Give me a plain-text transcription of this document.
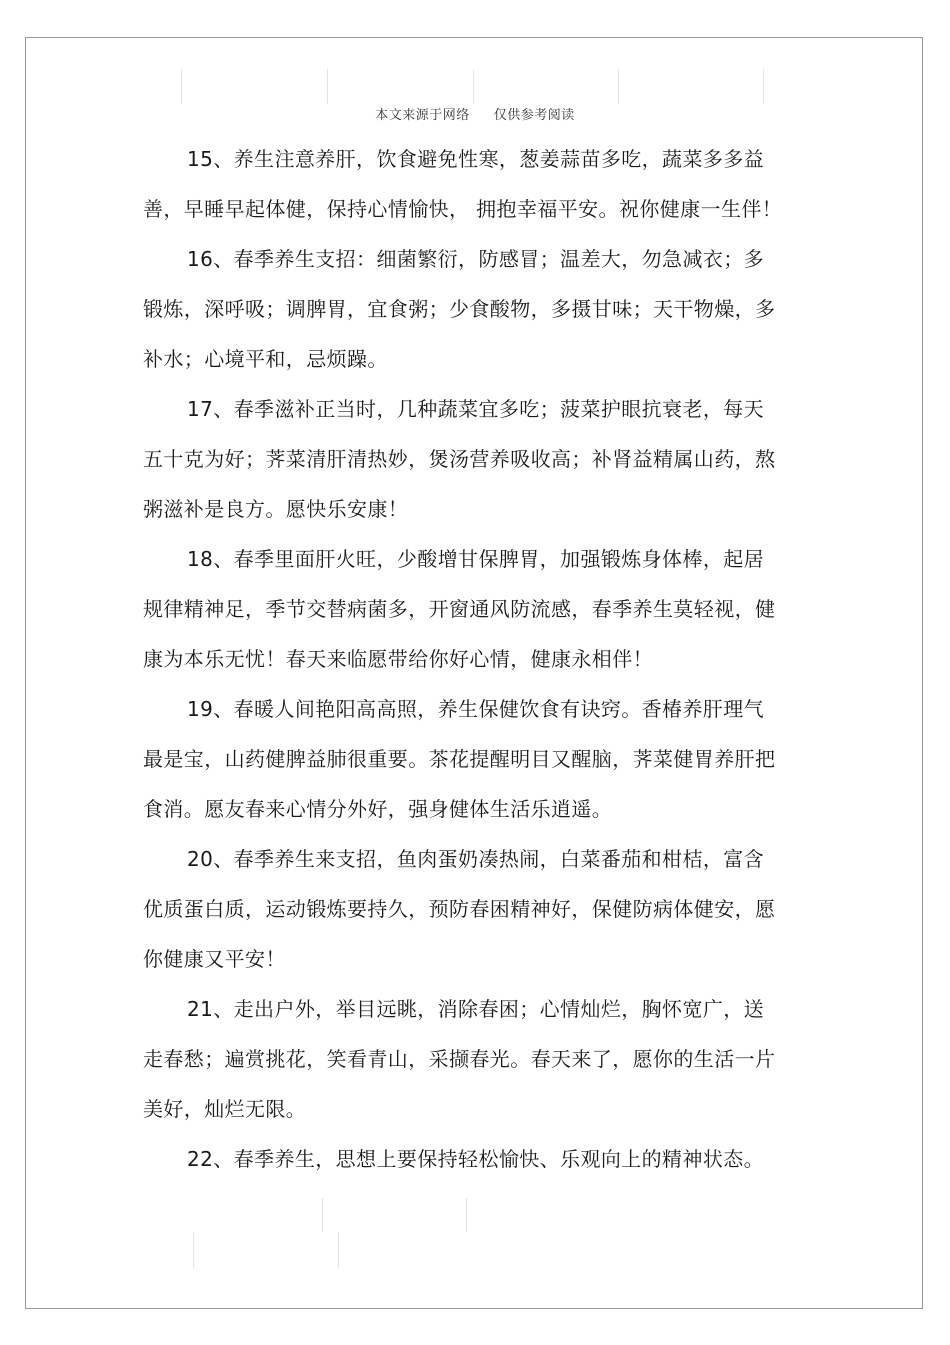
本文来源于网络 仅供参考阅读

15、养生注意养肝，饮食避免性寒，葱姜蒜苗多吃，蔬菜多多益善，早睡早起体健，保持心情愉快， 拥抱幸福平安。祝你健康一生伴！

16、春季养生支招：细菌繁衍，防感冒；温差大，勿急减衣；多锻炼，深呼吸；调脾胃，宜食粥；少食酸物，多摄甘味；天干物燥，多补水；心境平和，忌烦躁。

17、春季滋补正当时，几种蔬菜宜多吃；菠菜护眼抗衰老，每天五十克为好；荠菜清肝清热妙，煲汤营养吸收高；补肾益精属山药，熬粥滋补是良方。愿快乐安康！

18、春季里面肝火旺，少酸增甘保脾胃，加强锻炼身体棒，起居规律精神足，季节交替病菌多，开窗通风防流感，春季养生莫轻视，健康为本乐无忧！春天来临愿带给你好心情，健康永相伴！

19、春暖人间艳阳高高照，养生保健饮食有诀窍。香椿养肝理气最是宝，山药健脾益肺很重要。茶花提醒明目又醒脑，荠菜健胃养肝把食消。愿友春来心情分外好，强身健体生活乐逍遥。

20、春季养生来支招，鱼肉蛋奶凑热闹，白菜番茄和柑桔，富含优质蛋白质，运动锻炼要持久，预防春困精神好，保健防病体健安，愿你健康又平安！

21、走出户外，举目远眺，消除春困；心情灿烂，胸怀宽广，送走春愁；遍赏挑花，笑看青山，采撷春光。春天来了，愿你的生活一片美好，灿烂无限。

22、春季养生，思想上要保持轻松愉快、乐观向上的精神状态。
